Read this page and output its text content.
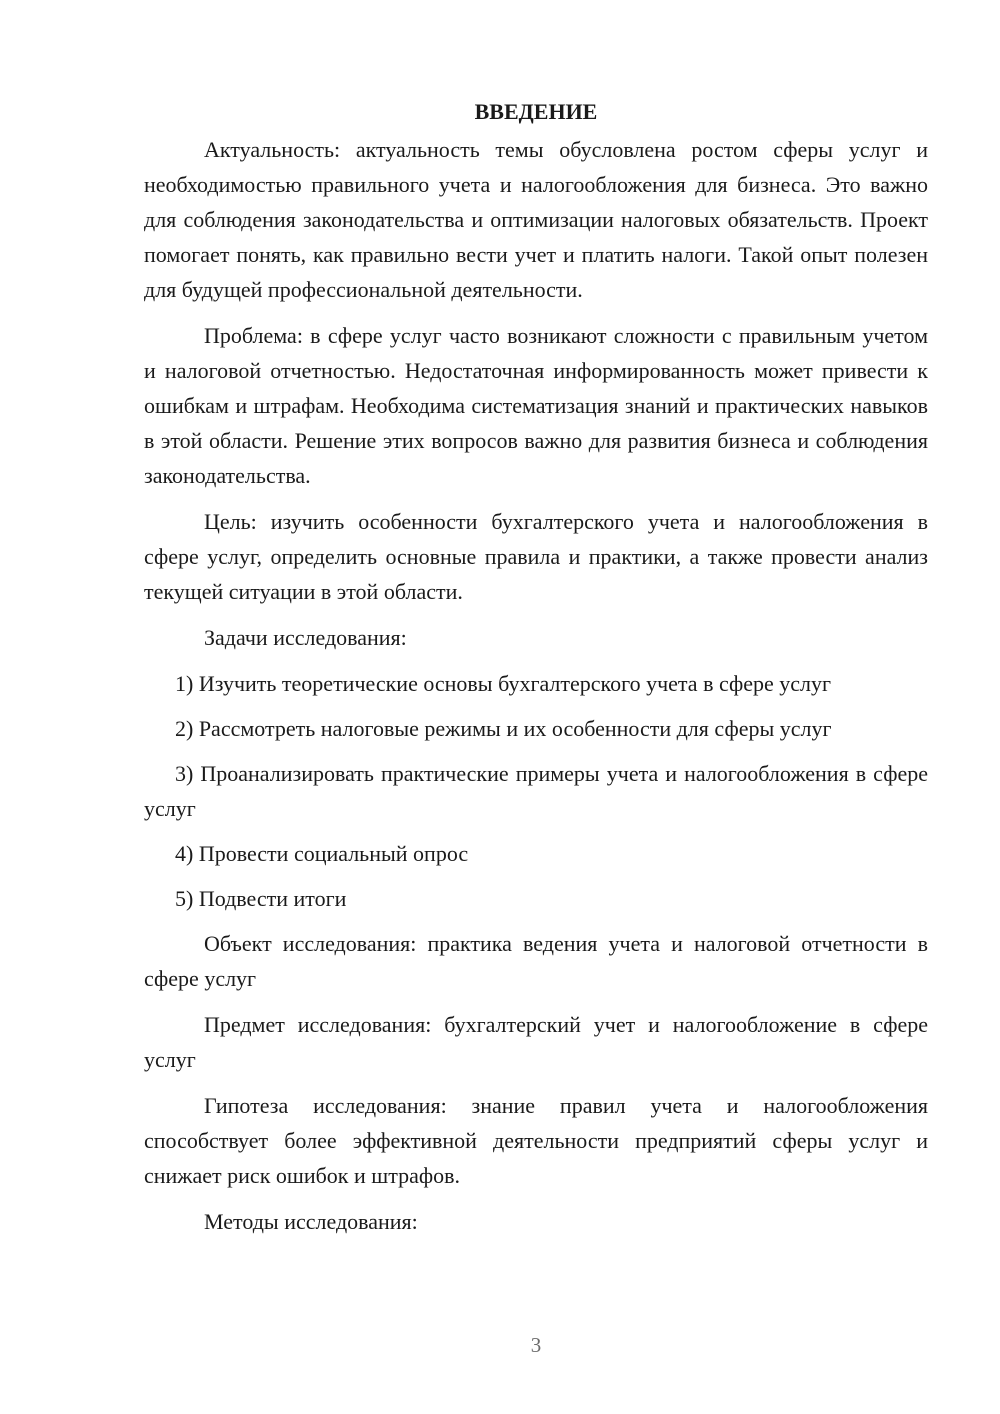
ВВЕДЕНИЕ

Актуальность: актуальность темы обусловлена ростом сферы услуг и необходимостью правильного учета и налогообложения для бизнеса. Это важно для соблюдения законодательства и оптимизации налоговых обязательств. Проект помогает понять, как правильно вести учет и платить налоги. Такой опыт полезен для будущей профессиональной деятельности.

Проблема: в сфере услуг часто возникают сложности с правильным учетом и налоговой отчетностью. Недостаточная информированность может привести к ошибкам и штрафам. Необходима систематизация знаний и практических навыков в этой области. Решение этих вопросов важно для развития бизнеса и соблюдения законодательства.

Цель: изучить особенности бухгалтерского учета и налогообложения в сфере услуг, определить основные правила и практики, а также провести анализ текущей ситуации в этой области.

Задачи исследования:

1) Изучить теоретические основы бухгалтерского учета в сфере услуг

2) Рассмотреть налоговые режимы и их особенности для сферы услуг

3) Проанализировать практические примеры учета и налогообложения в сфере услуг

4) Провести социальный опрос

5) Подвести итоги

Объект исследования: практика ведения учета и налоговой отчетности в сфере услуг

Предмет исследования: бухгалтерский учет и налогообложение в сфере услуг

Гипотеза исследования: знание правил учета и налогообложения способствует более эффективной деятельности предприятий сферы услуг и снижает риск ошибок и штрафов.

Методы исследования:

3
